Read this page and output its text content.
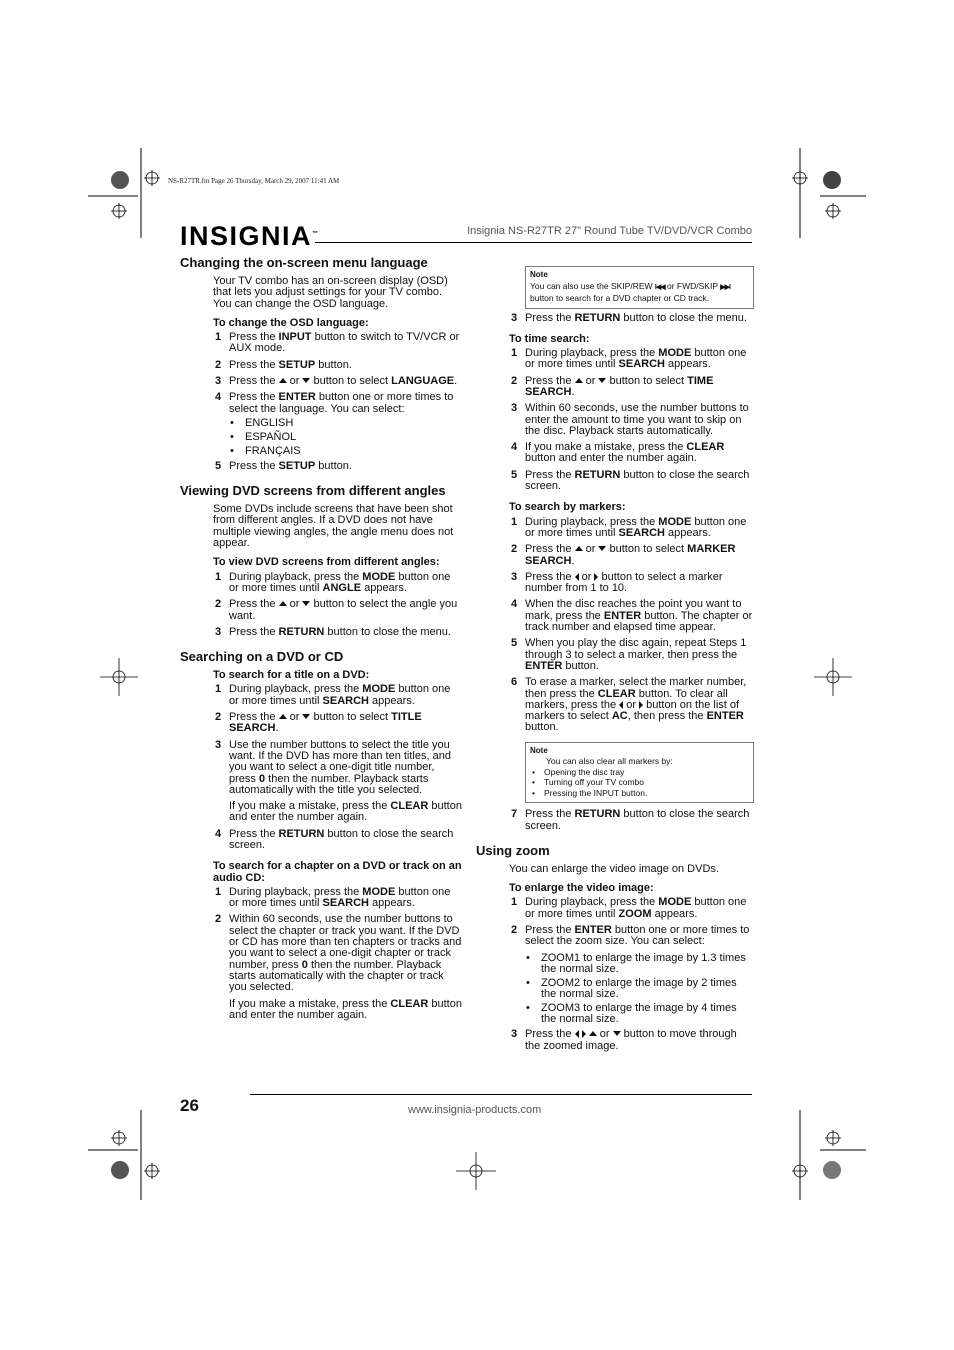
NS-R27TR.fm Page 26 Thursday, March 29, 2007 11:41 AM
INSIGNIA™	Insignia NS-R27TR 27" Round Tube TV/DVD/VCR Combo
Changing the on-screen menu language
Your TV combo has an on-screen display (OSD) that lets you adjust settings for your TV combo. You can change the OSD language.
To change the OSD language:
1 Press the INPUT button to switch to TV/VCR or AUX mode.
2 Press the SETUP button.
3 Press the  or  button to select LANGUAGE.
4 Press the ENTER button one or more times to select the language. You can select:
• ENGLISH
• ESPAÑOL
• FRANÇAIS
5 Press the SETUP button.
Viewing DVD screens from different angles
Some DVDs include screens that have been shot from different angles. If a DVD does not have multiple viewing angles, the angle menu does not appear.
To view DVD screens from different angles:
1 During playback, press the MODE button one or more times until ANGLE appears.
2 Press the  or  button to select the angle you want.
3 Press the RETURN button to close the menu.
Searching on a DVD or CD
To search for a title on a DVD:
1 During playback, press the MODE button one or more times until SEARCH appears.
2 Press the  or  button to select TITLE SEARCH.
3 Use the number buttons to select the title you want. If the DVD has more than ten titles, and you want to select a one-digit title number, press 0 then the number. Playback starts automatically with the title you selected.
If you make a mistake, press the CLEAR button and enter the number again.
4 Press the RETURN button to close the search screen.
To search for a chapter on a DVD or track on an audio CD:
1 During playback, press the MODE button one or more times until SEARCH appears.
2 Within 60 seconds, use the number buttons to select the chapter or track you want. If the DVD or CD has more than ten chapters or tracks and you want to select a one-digit chapter or track number, press 0 then the number. Playback starts automatically with the chapter or track you selected.
If you make a mistake, press the CLEAR button and enter the number again.
Note
You can also use the SKIP/REW I◀◀ or FWD/SKIP ▶▶I button to search for a DVD chapter or CD track.
3 Press the RETURN button to close the menu.
To time search:
1 During playback, press the MODE button one or more times until SEARCH appears.
2 Press the  or  button to select TIME SEARCH.
3 Within 60 seconds, use the number buttons to enter the amount to time you want to skip on the disc. Playback starts automatically.
4 If you make a mistake, press the CLEAR button and enter the number again.
5 Press the RETURN button to close the search screen.
To search by markers:
1 During playback, press the MODE button one or more times until SEARCH appears.
2 Press the  or  button to select MARKER SEARCH.
3 Press the  or  button to select a marker number from 1 to 10.
4 When the disc reaches the point you want to mark, press the ENTER button. The chapter or track number and elapsed time appear.
5 When you play the disc again, repeat Steps 1 through 3 to select a marker, then press the ENTER button.
6 To erase a marker, select the marker number, then press the CLEAR button. To clear all markers, press the  or  button on the list of markers to select AC, then press the ENTER button.
Note
You can also clear all markers by:
• Opening the disc tray
• Turning off your TV combo
• Pressing the INPUT button.
7 Press the RETURN button to close the search screen.
Using zoom
You can enlarge the video image on DVDs.
To enlarge the video image:
1 During playback, press the MODE button one or more times until ZOOM appears.
2 Press the ENTER button one or more times to select the zoom size. You can select:
• ZOOM1 to enlarge the image by 1.3 times the normal size.
• ZOOM2 to enlarge the image by 2 times the normal size.
• ZOOM3 to enlarge the image by 4 times the normal size.
3 Press the    or  button to move through the zoomed image.
26	www.insignia-products.com
